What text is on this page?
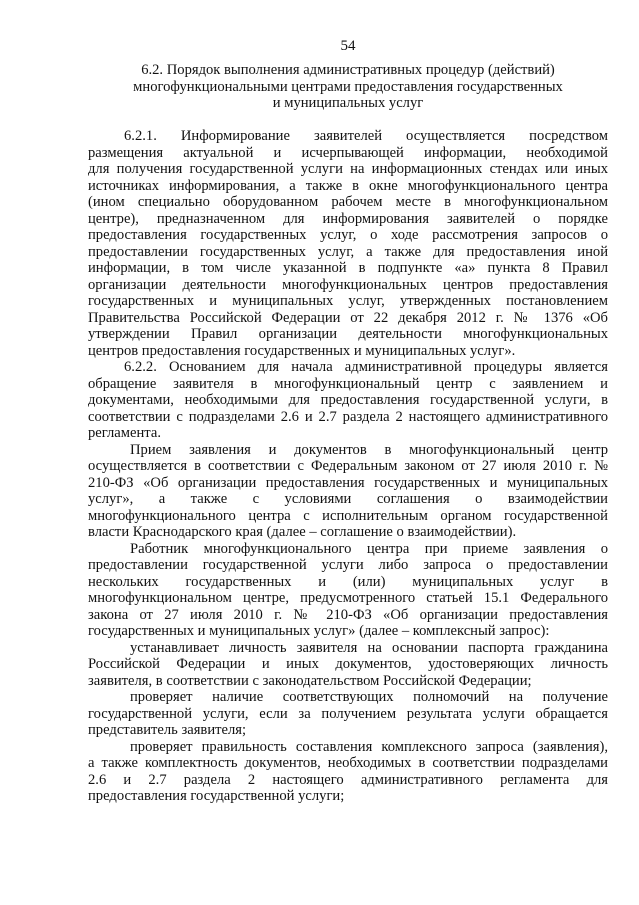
54
6.2. Порядок выполнения административных процедур (действий)
многофункциональными центрами предоставления государственных
и муниципальных услуг
6.2.1. Информирование заявителей осуществляется посредством
размещения актуальной и исчерпывающей информации, необходимой
для получения государственной услуги на информационных стендах или иных
источниках информирования, а также в окне многофункционального центра
(ином специально оборудованном рабочем месте в многофункциональном
центре), предназначенном для информирования заявителей о порядке
предоставления государственных услуг, о ходе рассмотрения запросов о
предоставлении государственных услуг, а также для предоставления иной
информации, в том числе указанной в подпункте «а» пункта 8 Правил
организации деятельности многофункциональных центров предоставления
государственных и муниципальных услуг, утвержденных постановлением
Правительства Российской Федерации от 22 декабря 2012 г. № 1376 «Об
утверждении Правил организации деятельности многофункциональных
центров предоставления государственных и муниципальных услуг».
6.2.2. Основанием для начала административной процедуры является
обращение заявителя в многофункциональный центр с заявлением и
документами, необходимыми для предоставления государственной услуги, в
соответствии с подразделами 2.6 и 2.7 раздела 2 настоящего административного
регламента.
Прием заявления и документов в многофункциональный центр
осуществляется в соответствии с Федеральным законом от 27 июля 2010 г. №
210-ФЗ «Об организации предоставления государственных и муниципальных
услуг», а также с условиями соглашения о взаимодействии
многофункционального центра с исполнительным органом государственной
власти Краснодарского края (далее – соглашение о взаимодействии).
Работник многофункционального центра при приеме заявления о
предоставлении государственной услуги либо запроса о предоставлении
нескольких государственных и (или) муниципальных услуг в
многофункциональном центре, предусмотренного статьей 15.1 Федерального
закона от 27 июля 2010 г. № 210-ФЗ «Об организации предоставления
государственных и муниципальных услуг» (далее – комплексный запрос):
устанавливает личность заявителя на основании паспорта гражданина
Российской Федерации и иных документов, удостоверяющих личность
заявителя, в соответствии с законодательством Российской Федерации;
проверяет наличие соответствующих полномочий на получение
государственной услуги, если за получением результата услуги обращается
представитель заявителя;
проверяет правильность составления комплексного запроса (заявления),
а также комплектность документов, необходимых в соответствии подразделами
2.6 и 2.7 раздела 2 настоящего административного регламента для
предоставления государственной услуги;
